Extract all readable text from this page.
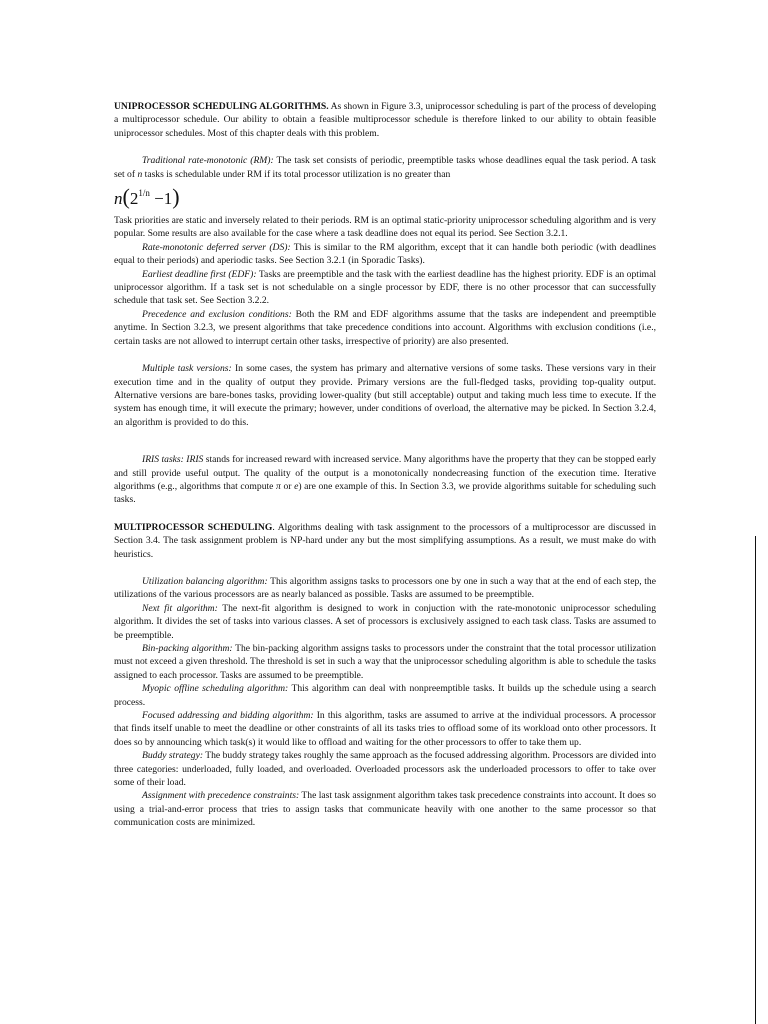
UNIPROCESSOR SCHEDULING ALGORITHMS. As shown in Figure 3.3, uniprocessor scheduling is part of the process of developing a multiprocessor schedule. Our ability to obtain a feasible multiprocessor schedule is therefore linked to our ability to obtain feasible uniprocessor schedules. Most of this chapter deals with this problem.

Traditional rate-monotonic (RM): The task set consists of periodic, preemptible tasks whose deadlines equal the task period. A task set of n tasks is schedulable under RM if its total processor utilization is no greater than

$n(2^{1/n} -1)$

Task priorities are static and inversely related to their periods. RM is an optimal static-priority uniprocessor scheduling algorithm and is very popular. Some results are also available for the case where a task deadline does not equal its period. See Section 3.2.1.

Rate-monotonic deferred server (DS): This is similar to the RM algorithm, except that it can handle both periodic (with deadlines equal to their periods) and aperiodic tasks. See Section 3.2.1 (in Sporadic Tasks).

Earliest deadline first (EDF): Tasks are preemptible and the task with the earliest deadline has the highest priority. EDF is an optimal uniprocessor algorithm. If a task set is not schedulable on a single processor by EDF, there is no other processor that can successfully schedule that task set. See Section 3.2.2.

Precedence and exclusion conditions: Both the RM and EDF algorithms assume that the tasks are independent and preemptible anytime. In Section 3.2.3, we present algorithms that take precedence conditions into account. Algorithms with exclusion conditions (i.e., certain tasks are not allowed to interrupt certain other tasks, irrespective of priority) are also presented.

Multiple task versions: In some cases, the system has primary and alternative versions of some tasks. These versions vary in their execution time and in the quality of output they provide. Primary versions are the full-fledged tasks, providing top-quality output. Alternative versions are bare-bones tasks, providing lower-quality (but still acceptable) output and taking much less time to execute. If the system has enough time, it will execute the primary; however, under conditions of overload, the alternative may be picked. In Section 3.2.4, an algorithm is provided to do this.

IRIS tasks: IRIS stands for increased reward with increased service. Many algorithms have the property that they can be stopped early and still provide useful output. The quality of the output is a monotonically nondecreasing function of the execution time. Iterative algorithms (e.g., algorithms that compute π or e) are one example of this. In Section 3.3, we provide algorithms suitable for scheduling such tasks.

MULTIPROCESSOR SCHEDULING. Algorithms dealing with task assignment to the processors of a multiprocessor are discussed in Section 3.4. The task assignment problem is NP-hard under any but the most simplifying assumptions. As a result, we must make do with heuristics.

Utilization balancing algorithm: This algorithm assigns tasks to processors one by one in such a way that at the end of each step, the utilizations of the various processors are as nearly balanced as possible. Tasks are assumed to be preemptible.

Next fit algorithm: The next-fit algorithm is designed to work in conjuction with the rate-monotonic uniprocessor scheduling algorithm. It divides the set of tasks into various classes. A set of processors is exclusively assigned to each task class. Tasks are assumed to be preemptible.

Bin-packing algorithm: The bin-packing algorithm assigns tasks to processors under the constraint that the total processor utilization must not exceed a given threshold. The threshold is set in such a way that the uniprocessor scheduling algorithm is able to schedule the tasks assigned to each processor. Tasks are assumed to be preemptible.

Myopic offline scheduling algorithm: This algorithm can deal with nonpreemptible tasks. It builds up the schedule using a search process.

Focused addressing and bidding algorithm: In this algorithm, tasks are assumed to arrive at the individual processors. A processor that finds itself unable to meet the deadline or other constraints of all its tasks tries to offload some of its workload onto other processors. It does so by announcing which task(s) it would like to offload and waiting for the other processors to offer to take them up.

Buddy strategy: The buddy strategy takes roughly the same approach as the focused addressing algorithm. Processors are divided into three categories: underloaded, fully loaded, and overloaded. Overloaded processors ask the underloaded processors to offer to take over some of their load.

Assignment with precedence constraints: The last task assignment algorithm takes task precedence constraints into account. It does so using a trial-and-error process that tries to assign tasks that communicate heavily with one another to the same processor so that communication costs are minimized.
